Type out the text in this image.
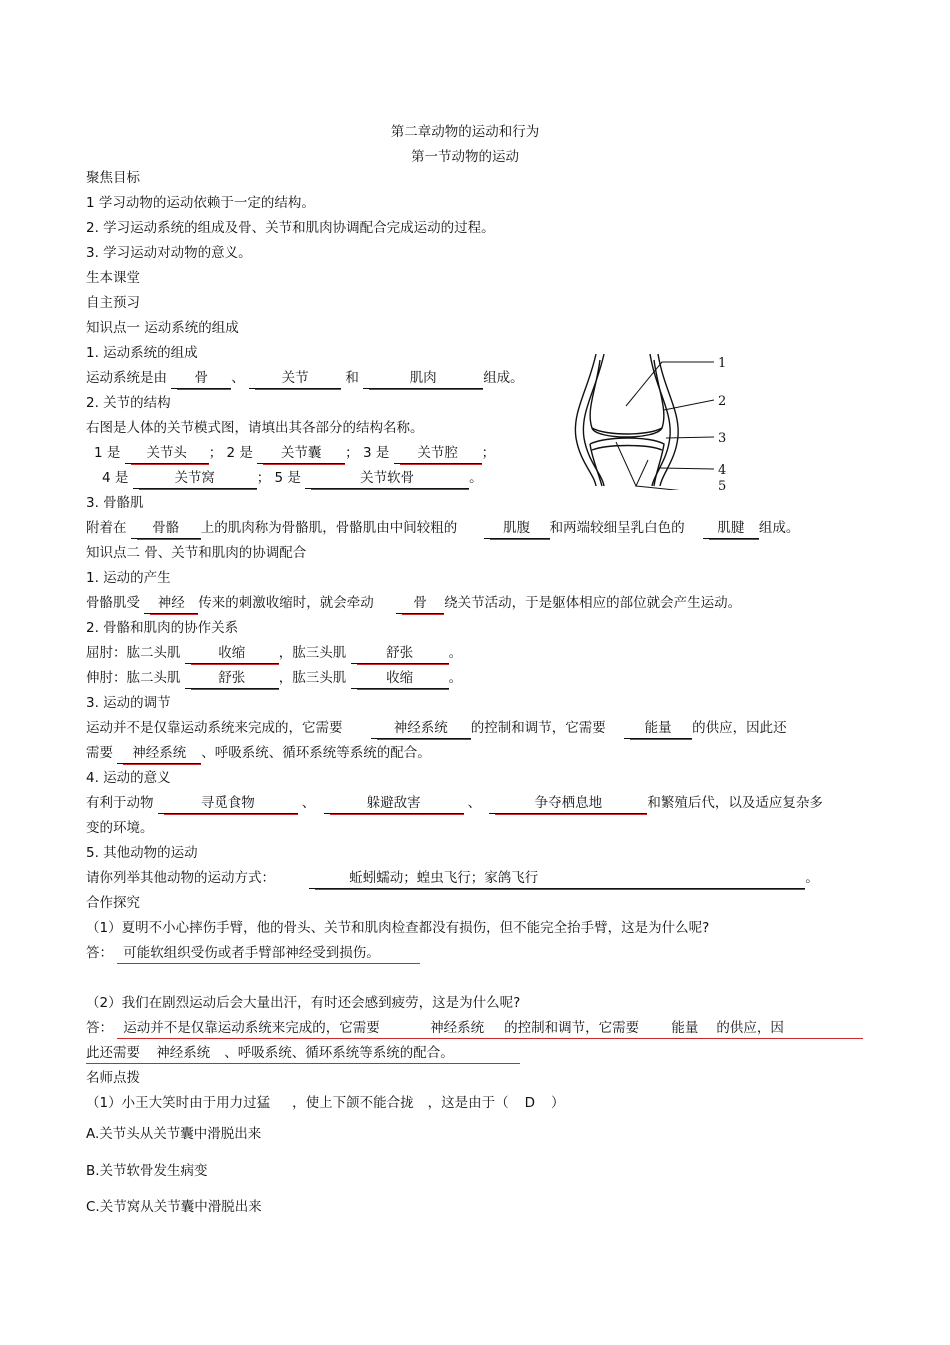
第二章动物的运动和行为
第一节动物的运动
聚焦目标
1 学习动物的运动依赖于一定的结构。
2. 学习运动系统的组成及骨、关节和肌肉协调配合完成运动的过程。
3. 学习运动对动物的意义。
生本课堂
自主预习
知识点一 运动系统的组成
1. 运动系统的组成
运动系统是由 骨 、	关节	和	肌肉	组成。
2. 关节的结构
右图是人体的关节模式图，请填出其各部分的结构名称。
1 是 关节头 ； 2 是 关节囊 ； 3 是 关节腔 ；
4 是	关节窝	； 5 是	关节软骨	。
1
2
3
4
5
3. 骨骼肌
附着在 骨骼 上的肌肉称为骨骼肌，骨骼肌由中间较粗的	肌腹 和两端较细呈乳白色的 肌腱 组成。
知识点二 骨、关节和肌肉的协调配合
1. 运动的产生
骨骼肌受 神经 传来的刺激收缩时，就会牵动	骨 绕关节活动，于是躯体相应的部位就会产生运动。
2. 骨骼和肌肉的协作关系
屈肘：肱二头肌	收缩 ，肱三头肌	舒张	。
伸肘：肱二头肌	舒张 ，肱三头肌	收缩	。
3. 运动的调节
运动并不是仅靠运动系统来完成的，它需要	神经系统 的控制和调节，它需要	能量 的供应，因此还
需要 神经系统 、呼吸系统、循环系统等系统的配合。
4. 运动的意义
有利于动物	寻觅食物	、	躲避敌害	、	争夺栖息地	和繁殖后代，以及适应复杂多
变的环境。
5. 其他动物的运动
请你列举其他动物的运动方式：	蚯蚓蠕动；蝗虫飞行；家鸽飞行	。
合作探究
（1）夏明不小心摔伤手臂，他的骨头、关节和肌肉检查都没有损伤，但不能完全抬手臂，这是为什么呢?
答： 可能软组织受伤或者手臂部神经受到损伤。
（2）我们在剧烈运动后会大量出汗，有时还会感到疲劳，这是为什么呢?
答： 运动并不是仅靠运动系统来完成的，它需要	神经系统 的控制和调节，它需要 能量 的供应，因
此还需要 神经系统 、呼吸系统、循环系统等系统的配合。
名师点拨
（1）小王大笑时由于用力过猛 ，使上下颌不能合拢 ，这是由于（ D ）
A.关节头从关节囊中滑脱出来
B.关节软骨发生病变
C.关节窝从关节囊中滑脱出来
